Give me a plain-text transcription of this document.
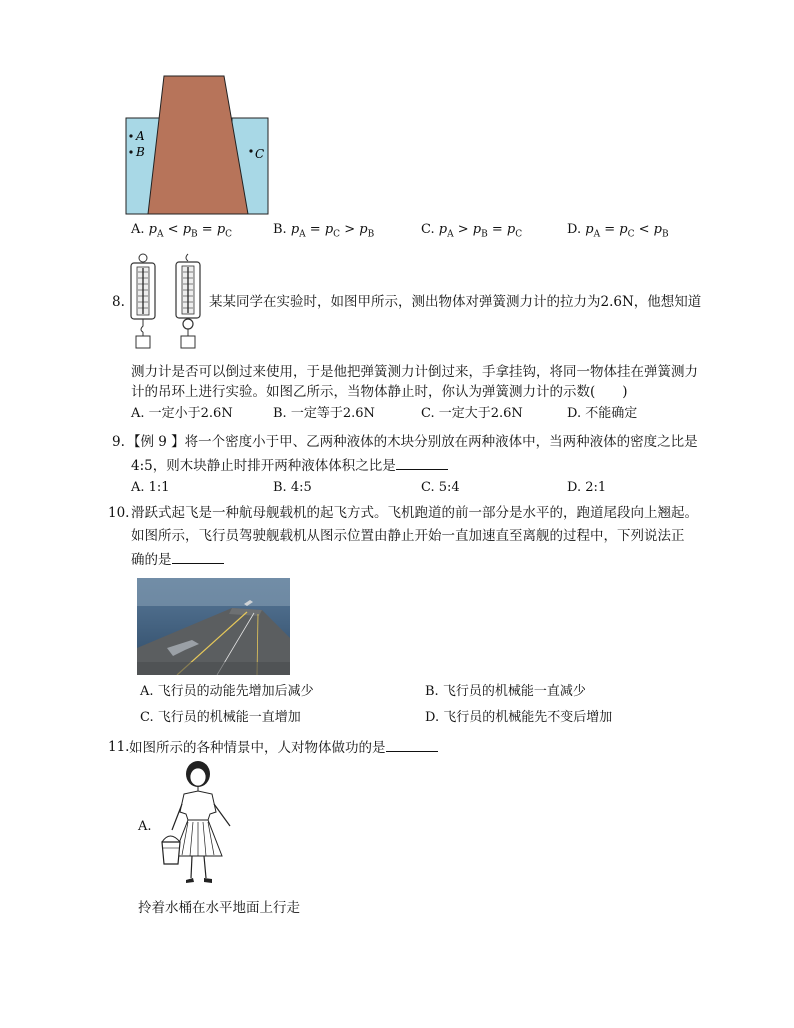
A
B	C
A. $p_A < p_B = p_C$	B. $p_A = p_C > p_B$	C. $p_A > p_B = p_C$	D. $p_A = p_C < p_B$
8.	某某同学在实验时，如图甲所示，测出物体对弹簧测力计的拉力为2.6N，他想知道
测力计是否可以倒过来使用，于是他把弹簧测力计倒过来，手拿挂钩，将同一物体挂在弹簧测力
计的吊环上进行实验。如图乙所示，当物体静止时，你认为弹簧测力计的示数(　　)
A. 一定小于2.6N	B. 一定等于2.6N	C. 一定大于2.6N	D. 不能确定
9. 【例 9 】将一个密度小于甲、乙两种液体的木块分别放在两种液体中，当两种液体的密度之比是
4:5，则木块静止时排开两种液体体积之比是
A. 1:1	B. 4:5	C. 5:4	D. 2:1
10. 滑跃式起飞是一种航母舰载机的起飞方式。飞机跑道的前一部分是水平的，跑道尾段向上翘起。
如图所示，飞行员驾驶舰载机从图示位置由静止开始一直加速直至离舰的过程中，下列说法正
确的是
A. 飞行员的动能先增加后减少	B. 飞行员的机械能一直减少
C. 飞行员的机械能一直增加	D. 飞行员的机械能先不变后增加
11. 如图所示的各种情景中，人对物体做功的是
A.
拎着水桶在水平地面上行走
